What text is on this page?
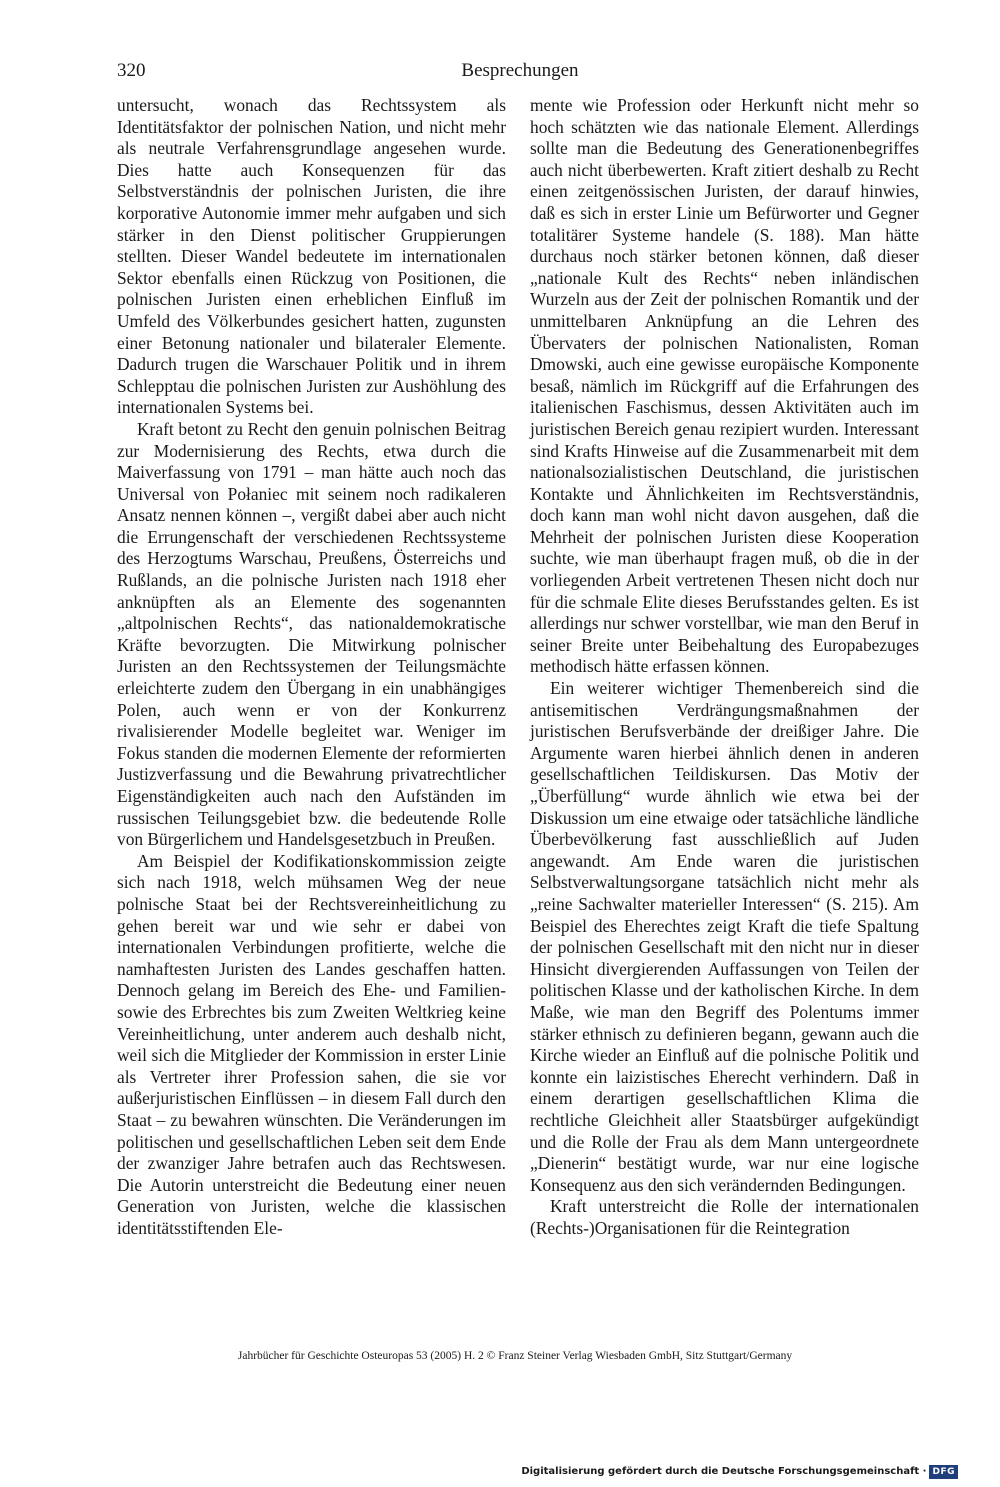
320	Besprechungen

untersucht, wonach das Rechtssystem als Identitätsfaktor der polnischen Nation, und nicht mehr als neutrale Verfahrensgrundlage angesehen wurde. Dies hatte auch Konsequenzen für das Selbstverständnis der polnischen Juristen, die ihre korporative Autonomie immer mehr aufgaben und sich stärker in den Dienst politischer Gruppierungen stellten. Dieser Wandel bedeutete im internationalen Sektor ebenfalls einen Rückzug von Positionen, die polnischen Juristen einen erheblichen Einfluß im Umfeld des Völkerbundes gesichert hatten, zugunsten einer Betonung nationaler und bilateraler Elemente. Dadurch trugen die Warschauer Politik und in ihrem Schlepptau die polnischen Juristen zur Aushöhlung des internationalen Systems bei.

Kraft betont zu Recht den genuin polnischen Beitrag zur Modernisierung des Rechts, etwa durch die Maiverfassung von 1791 – man hätte auch noch das Universal von Połaniec mit seinem noch radikaleren Ansatz nennen können –, vergißt dabei aber auch nicht die Errungenschaft der verschiedenen Rechtssysteme des Herzogtums Warschau, Preußens, Österreichs und Rußlands, an die polnische Juristen nach 1918 eher anknüpften als an Elemente des sogenannten „altpolnischen Rechts“, das nationaldemokratische Kräfte bevorzugten. Die Mitwirkung polnischer Juristen an den Rechtssystemen der Teilungsmächte erleichterte zudem den Übergang in ein unabhängiges Polen, auch wenn er von der Konkurrenz rivalisierender Modelle begleitet war. Weniger im Fokus standen die modernen Elemente der reformierten Justizverfassung und die Bewahrung privatrechtlicher Eigenständigkeiten auch nach den Aufständen im russischen Teilungsgebiet bzw. die bedeutende Rolle von Bürgerlichem und Handelsgesetzbuch in Preußen.

Am Beispiel der Kodifikationskommission zeigte sich nach 1918, welch mühsamen Weg der neue polnische Staat bei der Rechtsvereinheitlichung zu gehen bereit war und wie sehr er dabei von internationalen Verbindungen profitierte, welche die namhaftesten Juristen des Landes geschaffen hatten. Dennoch gelang im Bereich des Ehe- und Familien- sowie des Erbrechtes bis zum Zweiten Weltkrieg keine Vereinheitlichung, unter anderem auch deshalb nicht, weil sich die Mitglieder der Kommission in erster Linie als Vertreter ihrer Profession sahen, die sie vor außerjuristischen Einflüssen – in diesem Fall durch den Staat – zu bewahren wünschten. Die Veränderungen im politischen und gesellschaftlichen Leben seit dem Ende der zwanziger Jahre betrafen auch das Rechtswesen. Die Autorin unterstreicht die Bedeutung einer neuen Generation von Juristen, welche die klassischen identitätsstiftenden Ele-

mente wie Profession oder Herkunft nicht mehr so hoch schätzten wie das nationale Element. Allerdings sollte man die Bedeutung des Generationenbegriffes auch nicht überbewerten. Kraft zitiert deshalb zu Recht einen zeitgenössischen Juristen, der darauf hinwies, daß es sich in erster Linie um Befürworter und Gegner totalitärer Systeme handele (S. 188). Man hätte durchaus noch stärker betonen können, daß dieser „nationale Kult des Rechts“ neben inländischen Wurzeln aus der Zeit der polnischen Romantik und der unmittelbaren Anknüpfung an die Lehren des Übervaters der polnischen Nationalisten, Roman Dmowski, auch eine gewisse europäische Komponente besaß, nämlich im Rückgriff auf die Erfahrungen des italienischen Faschismus, dessen Aktivitäten auch im juristischen Bereich genau rezipiert wurden. Interessant sind Krafts Hinweise auf die Zusammenarbeit mit dem nationalsozialistischen Deutschland, die juristischen Kontakte und Ähnlichkeiten im Rechtsverständnis, doch kann man wohl nicht davon ausgehen, daß die Mehrheit der polnischen Juristen diese Kooperation suchte, wie man überhaupt fragen muß, ob die in der vorliegenden Arbeit vertretenen Thesen nicht doch nur für die schmale Elite dieses Berufsstandes gelten. Es ist allerdings nur schwer vorstellbar, wie man den Beruf in seiner Breite unter Beibehaltung des Europabezuges methodisch hätte erfassen können.

Ein weiterer wichtiger Themenbereich sind die antisemitischen Verdrängungsmaßnahmen der juristischen Berufsverbände der dreißiger Jahre. Die Argumente waren hierbei ähnlich denen in anderen gesellschaftlichen Teildiskursen. Das Motiv der „Überfüllung“ wurde ähnlich wie etwa bei der Diskussion um eine etwaige oder tatsächliche ländliche Überbevölkerung fast ausschließlich auf Juden angewandt. Am Ende waren die juristischen Selbstverwaltungsorgane tatsächlich nicht mehr als „reine Sachwalter materieller Interessen“ (S. 215). Am Beispiel des Eherechtes zeigt Kraft die tiefe Spaltung der polnischen Gesellschaft mit den nicht nur in dieser Hinsicht divergierenden Auffassungen von Teilen der politischen Klasse und der katholischen Kirche. In dem Maße, wie man den Begriff des Polentums immer stärker ethnisch zu definieren begann, gewann auch die Kirche wieder an Einfluß auf die polnische Politik und konnte ein laizistisches Eherecht verhindern. Daß in einem derartigen gesellschaftlichen Klima die rechtliche Gleichheit aller Staatsbürger aufgekündigt und die Rolle der Frau als dem Mann untergeordnete „Dienerin“ bestätigt wurde, war nur eine logische Konsequenz aus den sich verändernden Bedingungen.

Kraft unterstreicht die Rolle der internationalen (Rechts-)Organisationen für die Reintegration

Jahrbücher für Geschichte Osteuropas 53 (2005) H. 2 © Franz Steiner Verlag Wiesbaden GmbH, Sitz Stuttgart/Germany
Digitalisierung gefördert durch die Deutsche Forschungsgemeinschaft · DFG
